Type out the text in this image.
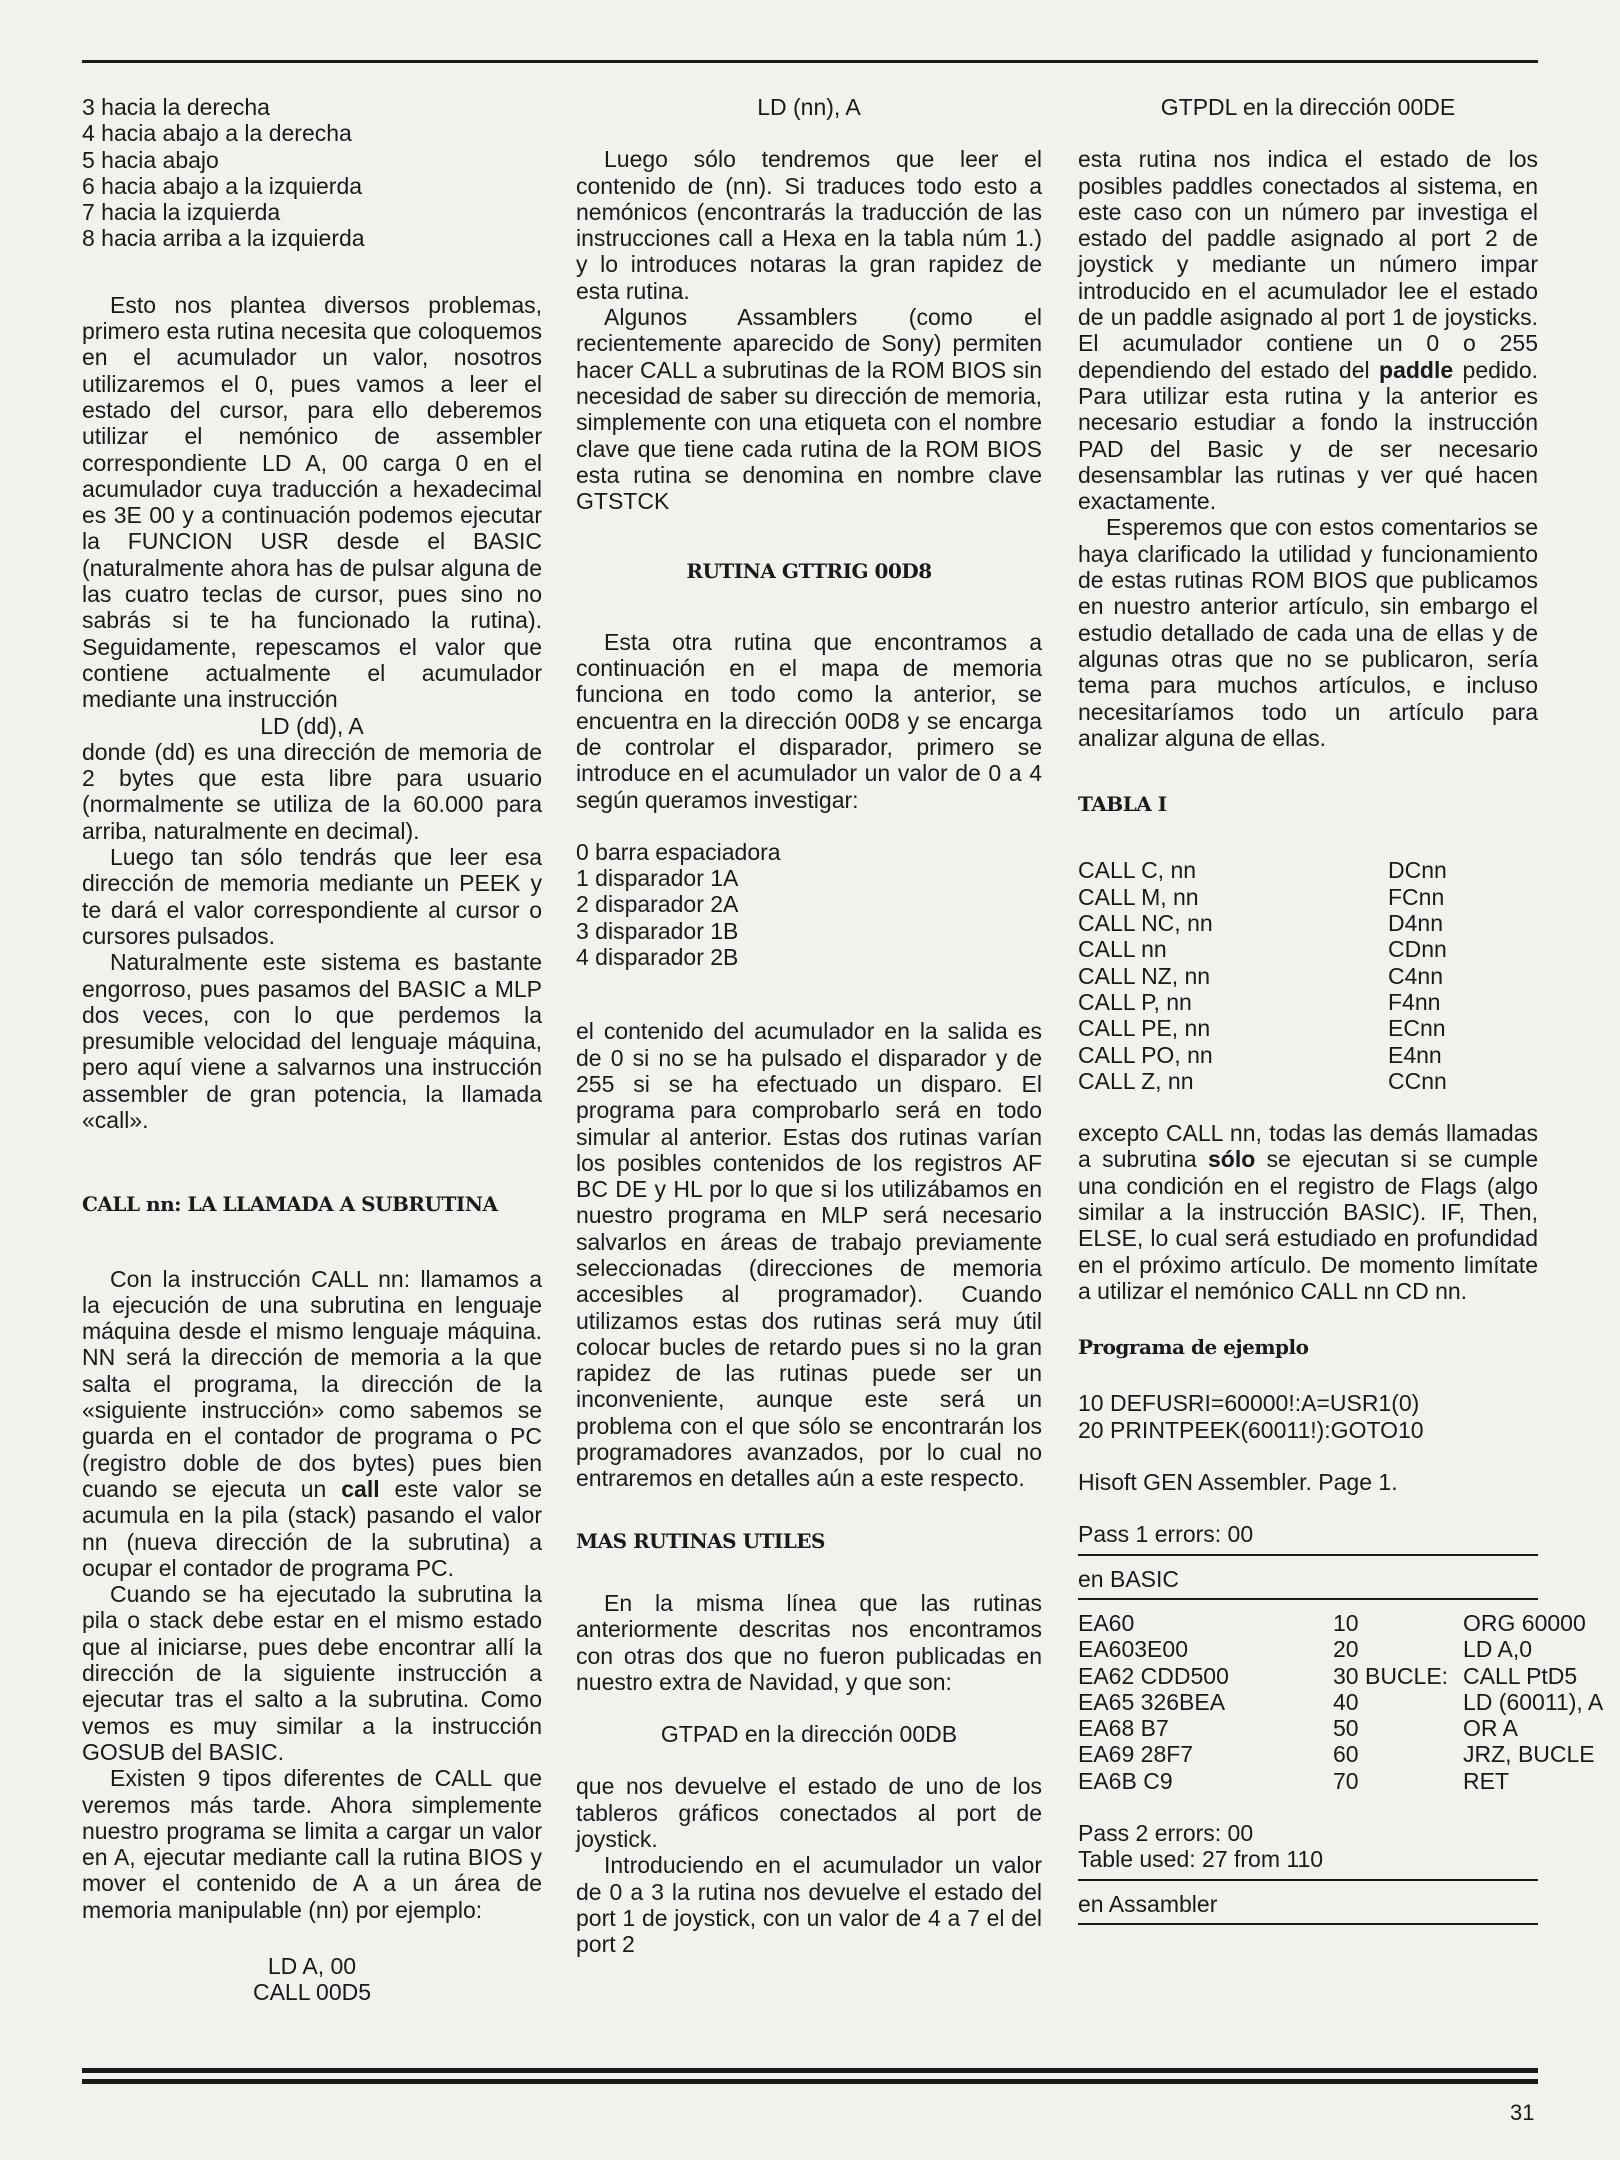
3 hacia la derecha
4 hacia abajo a la derecha
5 hacia abajo
6 hacia abajo a la izquierda
7 hacia la izquierda
8 hacia arriba a la izquierda

Esto nos plantea diversos problemas, primero esta rutina necesita que coloquemos en el acumulador un valor, nosotros utilizaremos el 0, pues vamos a leer el estado del cursor, para ello deberemos utilizar el nemónico de assembler correspondiente LD A, 00 carga 0 en el acumulador cuya traducción a hexadecimal es 3E 00 y a continuación podemos ejecutar la FUNCION USR desde el BASIC (naturalmente ahora has de pulsar alguna de las cuatro teclas de cursor, pues sino no sabrás si te ha funcionado la rutina). Seguidamente, repescamos el valor que contiene actualmente el acumulador mediante una instrucción

LD (dd), A

donde (dd) es una dirección de memoria de 2 bytes que esta libre para usuario (normalmente se utiliza de la 60.000 para arriba, naturalmente en decimal).

Luego tan sólo tendrás que leer esa dirección de memoria mediante un PEEK y te dará el valor correspondiente al cursor o cursores pulsados.

Naturalmente este sistema es bastante engorroso, pues pasamos del BASIC a MLP dos veces, con lo que perdemos la presumible velocidad del lenguaje máquina, pero aquí viene a salvarnos una instrucción assembler de gran potencia, la llamada «call».

CALL nn: LA LLAMADA A SUBRUTINA

Con la instrucción CALL nn: llamamos a la ejecución de una subrutina en lenguaje máquina desde el mismo lenguaje máquina. NN será la dirección de memoria a la que salta el programa, la dirección de la «siguiente instrucción» como sabemos se guarda en el contador de programa o PC (registro doble de dos bytes) pues bien cuando se ejecuta un call este valor se acumula en la pila (stack) pasando el valor nn (nueva dirección de la subrutina) a ocupar el contador de programa PC.

Cuando se ha ejecutado la subrutina la pila o stack debe estar en el mismo estado que al iniciarse, pues debe encontrar allí la dirección de la siguiente instrucción a ejecutar tras el salto a la subrutina. Como vemos es muy similar a la instrucción GOSUB del BASIC.

Existen 9 tipos diferentes de CALL que veremos más tarde. Ahora simplemente nuestro programa se limita a cargar un valor en A, ejecutar mediante call la rutina BIOS y mover el contenido de A a un área de memoria manipulable (nn) por ejemplo:

LD A, 00
CALL 00D5
LD (nn), A

Luego sólo tendremos que leer el contenido de (nn). Si traduces todo esto a nemónicos (encontrarás la traducción de las instrucciones call a Hexa en la tabla núm 1.) y lo introduces notaras la gran rapidez de esta rutina.

Algunos Assamblers (como el recientemente aparecido de Sony) permiten hacer CALL a subrutinas de la ROM BIOS sin necesidad de saber su dirección de memoria, simplemente con una etiqueta con el nombre clave que tiene cada rutina de la ROM BIOS esta rutina se denomina en nombre clave GTSTCK

RUTINA GTTRIG 00D8

Esta otra rutina que encontramos a continuación en el mapa de memoria funciona en todo como la anterior, se encuentra en la dirección 00D8 y se encarga de controlar el disparador, primero se introduce en el acumulador un valor de 0 a 4 según queramos investigar:

0 barra espaciadora
1 disparador 1A
2 disparador 2A
3 disparador 1B
4 disparador 2B

el contenido del acumulador en la salida es de 0 si no se ha pulsado el disparador y de 255 si se ha efectuado un disparo. El programa para comprobarlo será en todo simular al anterior. Estas dos rutinas varían los posibles contenidos de los registros AF BC DE y HL por lo que si los utilizábamos en nuestro programa en MLP será necesario salvarlos en áreas de trabajo previamente seleccionadas (direcciones de memoria accesibles al programador). Cuando utilizamos estas dos rutinas será muy útil colocar bucles de retardo pues si no la gran rapidez de las rutinas puede ser un inconveniente, aunque este será un problema con el que sólo se encontrarán los programadores avanzados, por lo cual no entraremos en detalles aún a este respecto.

MAS RUTINAS UTILES

En la misma línea que las rutinas anteriormente descritas nos encontramos con otras dos que no fueron publicadas en nuestro extra de Navidad, y que son:

GTPAD en la dirección 00DB

que nos devuelve el estado de uno de los tableros gráficos conectados al port de joystick.

Introduciendo en el acumulador un valor de 0 a 3 la rutina nos devuelve el estado del port 1 de joystick, con un valor de 4 a 7 el del port 2

GTPDL en la dirección 00DE

esta rutina nos indica el estado de los posibles paddles conectados al sistema, en este caso con un número par investiga el estado del paddle asignado al port 2 de joystick y mediante un número impar introducido en el acumulador lee el estado de un paddle asignado al port 1 de joysticks. El acumulador contiene un 0 o 255 dependiendo del estado del paddle pedido. Para utilizar esta rutina y la anterior es necesario estudiar a fondo la instrucción PAD del Basic y de ser necesario desensamblar las rutinas y ver qué hacen exactamente.

Esperemos que con estos comentarios se haya clarificado la utilidad y funcionamiento de estas rutinas ROM BIOS que publicamos en nuestro anterior artículo, sin embargo el estudio detallado de cada una de ellas y de algunas otras que no se publicaron, sería tema para muchos artículos, e incluso necesitaríamos todo un artículo para analizar alguna de ellas.

TABLA I
CALL C, nn	DCnn
CALL M, nn	FCnn
CALL NC, nn	D4nn
CALL nn	CDnn
CALL NZ, nn	C4nn
CALL P, nn	F4nn
CALL PE, nn	ECnn
CALL PO, nn	E4nn
CALL Z, nn	CCnn

excepto CALL nn, todas las demás llamadas a subrutina sólo se ejecutan si se cumple una condición en el registro de Flags (algo similar a la instrucción BASIC). IF, Then, ELSE, lo cual será estudiado en profundidad en el próximo artículo. De momento limítate a utilizar el nemónico CALL nn CD nn.

Programa de ejemplo
10 DEFUSRI=60000!:A=USR1(0)
20 PRINTPEEK(60011!):GOTO10
Hisoft GEN Assembler. Page 1.
Pass 1 errors: 00
en BASIC
EA60	10	ORG 60000
EA603E00	20	LD A,0
EA62 CDD500	30 BUCLE: CALL PtD5
EA65 326BEA	40	LD (60011), A
EA68 B7	50	OR A
EA69 28F7	60	JRZ, BUCLE
EA6B C9	70	RET
Pass 2 errors: 00
Table used: 27 from 110
en Assambler
31
